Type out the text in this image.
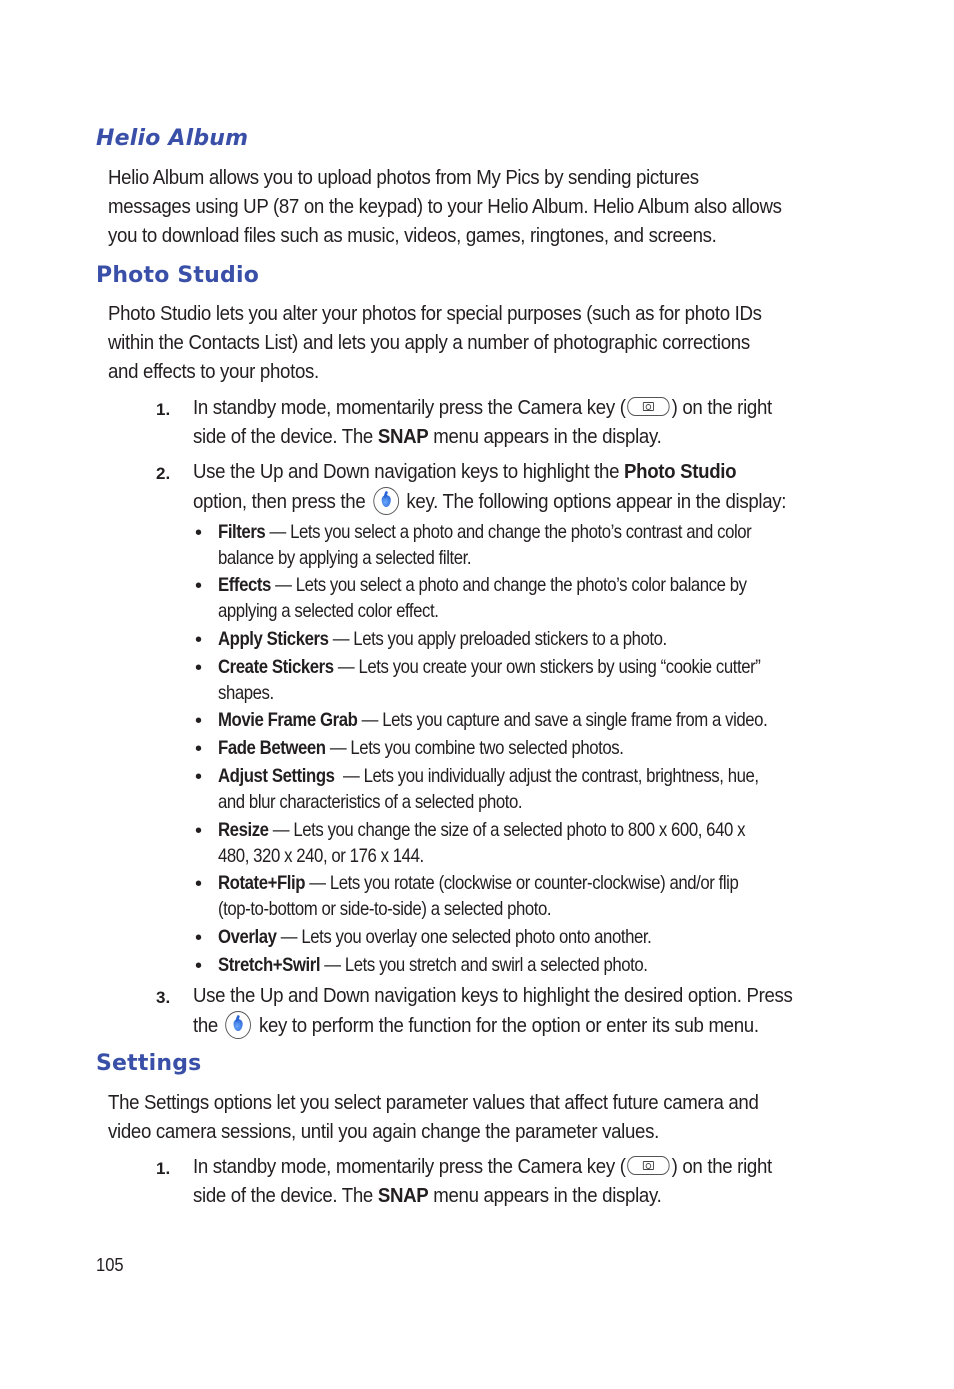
Helio Album

Helio Album allows you to upload photos from My Pics by sending pictures
messages using UP (87 on the keypad) to your Helio Album. Helio Album also allows
you to download files such as music, videos, games, ringtones, and screens.

Photo Studio

Photo Studio lets you alter your photos for special purposes (such as for photo IDs
within the Contacts List) and lets you apply a number of photographic corrections
and effects to your photos.

1. In standby mode, momentarily press the Camera key ( ) on the right
side of the device. The SNAP menu appears in the display.
2. Use the Up and Down navigation keys to highlight the Photo Studio
option, then press the  key. The following options appear in the display:
• Filters — Lets you select a photo and change the photo’s contrast and color
balance by applying a selected filter.
• Effects — Lets you select a photo and change the photo’s color balance by
applying a selected color effect.
• Apply Stickers — Lets you apply preloaded stickers to a photo.
• Create Stickers — Lets you create your own stickers by using “cookie cutter”
shapes.
• Movie Frame Grab — Lets you capture and save a single frame from a video.
• Fade Between — Lets you combine two selected photos.
• Adjust Settings  — Lets you individually adjust the contrast, brightness, hue,
and blur characteristics of a selected photo.
• Resize — Lets you change the size of a selected photo to 800 x 600, 640 x
480, 320 x 240, or 176 x 144.
• Rotate+Flip — Lets you rotate (clockwise or counter-clockwise) and/or flip
(top-to-bottom or side-to-side) a selected photo.
• Overlay — Lets you overlay one selected photo onto another.
• Stretch+Swirl — Lets you stretch and swirl a selected photo.
3. Use the Up and Down navigation keys to highlight the desired option. Press
the  key to perform the function for the option or enter its sub menu.
Settings

The Settings options let you select parameter values that affect future camera and
video camera sessions, until you again change the parameter values.

1. In standby mode, momentarily press the Camera key ( ) on the right
side of the device. The SNAP menu appears in the display.
105
